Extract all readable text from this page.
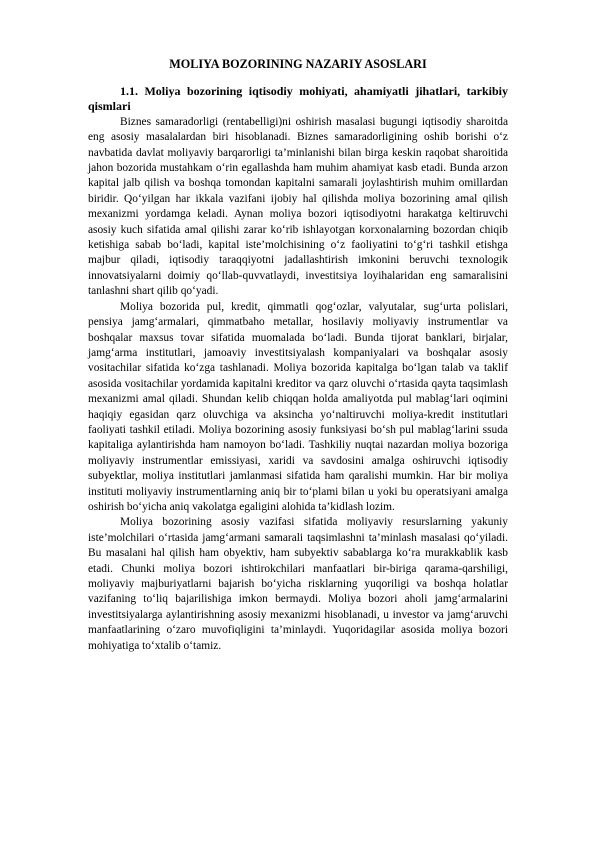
MOLIYA BOZORINING NAZARIY ASOSLARI

1.1. Moliya bozorining iqtisodiy mohiyati, ahamiyatli jihatlari, tarkibiy qismlari

Biznes samaradorligi (rentabelligi)ni oshirish masalasi bugungi iqtisodiy sharoitda eng asosiy masalalardan biri hisoblanadi. Biznes samaradorligining oshib borishi o‘z navbatida davlat moliyaviy barqarorligi ta’minlanishi bilan birga keskin raqobat sharoitida jahon bozorida mustahkam o‘rin egallashda ham muhim ahamiyat kasb etadi. Bunda arzon kapital jalb qilish va boshqa tomondan kapitalni samarali joylashtirish muhim omillardan biridir. Qo‘yilgan har ikkala vazifani ijobiy hal qilishda moliya bozorining amal qilish mexanizmi yordamga keladi. Aynan moliya bozori iqtisodiyotni harakatga keltiruvchi asosiy kuch sifatida amal qilishi zarar ko‘rib ishlayotgan korxonalarning bozordan chiqib ketishiga sabab bo‘ladi, kapital iste’molchisining o‘z faoliyatini to‘g‘ri tashkil etishga majbur qiladi, iqtisodiy taraqqiyotni jadallashtirish imkonini beruvchi texnologik innovatsiyalarni doimiy qo‘llab-quvvatlaydi, investitsiya loyihalaridan eng samaralisini tanlashni shart qilib qo‘yadi.

Moliya bozorida pul, kredit, qimmatli qog‘ozlar, valyutalar, sug‘urta polislari, pensiya jamg‘armalari, qimmatbaho metallar, hosilaviy moliyaviy instrumentlar va boshqalar maxsus tovar sifatida muomalada bo‘ladi. Bunda tijorat banklari, birjalar, jamg‘arma institutlari, jamoaviy investitsiyalash kompaniyalari va boshqalar asosiy vositachilar sifatida ko‘zga tashlanadi. Moliya bozorida kapitalga bo‘lgan talab va taklif asosida vositachilar yordamida kapitalni kreditor va qarz oluvchi o‘rtasida qayta taqsimlash mexanizmi amal qiladi. Shundan kelib chiqqan holda amaliyotda pul mablag‘lari oqimini haqiqiy egasidan qarz oluvchiga va aksincha yo‘naltiruvchi moliya-kredit institutlari faoliyati tashkil etiladi. Moliya bozorining asosiy funksiyasi bo‘sh pul mablag‘larini ssuda kapitaliga aylantirishda ham namoyon bo‘ladi. Tashkiliy nuqtai nazardan moliya bozoriga moliyaviy instrumentlar emissiyasi, xaridi va savdosini amalga oshiruvchi iqtisodiy subyektlar, moliya institutlari jamlanmasi sifatida ham qaralishi mumkin. Har bir moliya instituti moliyaviy instrumentlarning aniq bir to‘plami bilan u yoki bu operatsiyani amalga oshirish bo‘yicha aniq vakolatga egaligini alohida ta’kidlash lozim.

Moliya bozorining asosiy vazifasi sifatida moliyaviy resurslarning yakuniy iste’molchilari o‘rtasida jamg‘armani samarali taqsimlashni ta’minlash masalasi qo‘yiladi. Bu masalani hal qilish ham obyektiv, ham subyektiv sabablarga ko‘ra murakkablik kasb etadi. Chunki moliya bozori ishtirokchilari manfaatlari bir-biriga qarama-qarshiligi, moliyaviy majburiyatlarni bajarish bo‘yicha risklarning yuqoriligi va boshqa holatlar vazifaning to‘liq bajarilishiga imkon bermaydi. Moliya bozori aholi jamg‘armalarini investitsiyalarga aylantirishning asosiy mexanizmi hisoblanadi, u investor va jamg‘aruvchi manfaatlarining o‘zaro muvofiqligini ta’minlaydi. Yuqoridagilar asosida moliya bozori mohiyatiga to‘xtalib o‘tamiz.
